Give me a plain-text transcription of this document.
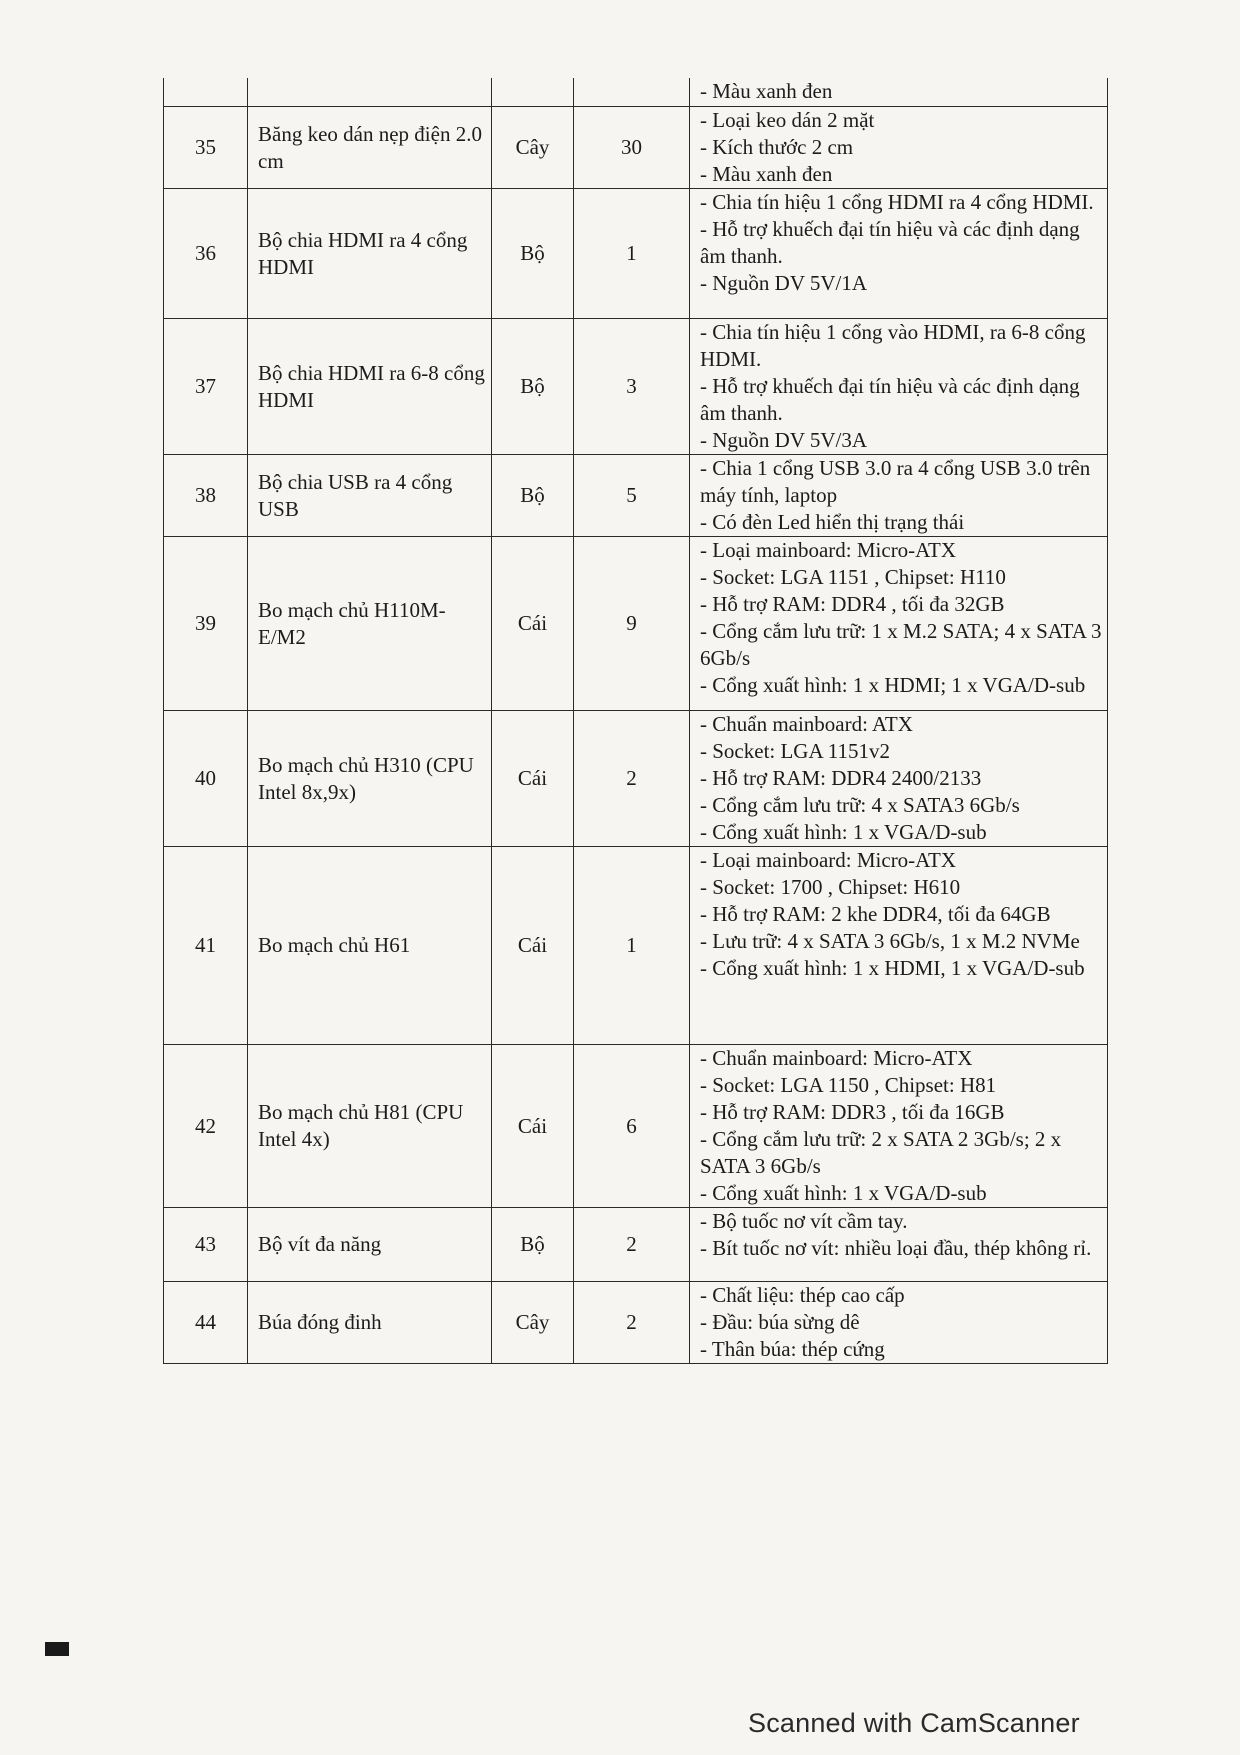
				- Màu xanh đen

35	Băng keo dán nẹp điện 2.0 cm	Cây	30	- Loại keo dán 2 mặt
- Kích thước 2 cm
- Màu xanh đen

36	Bộ chia HDMI ra 4 cổng HDMI	Bộ	1	- Chia tín hiệu 1 cổng HDMI ra 4 cổng HDMI.
- Hỗ trợ khuếch đại tín hiệu và các định dạng âm thanh.
- Nguồn DV 5V/1A

37	Bộ chia HDMI ra 6-8 cổng HDMI	Bộ	3	- Chia tín hiệu 1 cổng vào HDMI, ra 6-8 cổng HDMI.
- Hỗ trợ khuếch đại tín hiệu và các định dạng âm thanh.
- Nguồn DV 5V/3A

38	Bộ chia USB ra 4 cổng USB	Bộ	5	- Chia 1 cổng USB 3.0 ra 4 cổng USB 3.0 trên máy tính, laptop
- Có đèn Led hiển thị trạng thái

39	Bo mạch chủ H110M-E/M2	Cái	9	- Loại mainboard: Micro-ATX
- Socket: LGA 1151 , Chipset: H110
- Hỗ trợ RAM: DDR4 , tối đa 32GB
- Cổng cắm lưu trữ: 1 x M.2 SATA; 4 x SATA 3 6Gb/s
- Cổng xuất hình: 1 x HDMI; 1 x VGA/D-sub

40	Bo mạch chủ H310 (CPU Intel 8x,9x)	Cái	2	- Chuẩn mainboard: ATX
- Socket: LGA 1151v2
- Hỗ trợ RAM: DDR4 2400/2133
- Cổng cắm lưu trữ: 4 x SATA3 6Gb/s
- Cổng xuất hình: 1 x VGA/D-sub

41	Bo mạch chủ H61	Cái	1	- Loại mainboard: Micro-ATX
- Socket: 1700 , Chipset: H610
- Hỗ trợ RAM: 2 khe DDR4, tối đa 64GB
- Lưu trữ: 4 x SATA 3 6Gb/s, 1 x M.2 NVMe
- Cổng xuất hình: 1 x HDMI, 1 x VGA/D-sub

42	Bo mạch chủ H81 (CPU Intel 4x)	Cái	6	- Chuẩn mainboard: Micro-ATX
- Socket: LGA 1150 , Chipset: H81
- Hỗ trợ RAM: DDR3 , tối đa 16GB
- Cổng cắm lưu trữ: 2 x SATA 2 3Gb/s; 2 x SATA 3 6Gb/s
- Cổng xuất hình: 1 x VGA/D-sub

43	Bộ vít đa năng	Bộ	2	- Bộ tuốc nơ vít cầm tay.
- Bít tuốc nơ vít: nhiều loại đầu, thép không rỉ.

44	Búa đóng đinh	Cây	2	- Chất liệu: thép cao cấp
- Đầu: búa sừng dê
- Thân búa: thép cứng
Scanned with CamScanner
